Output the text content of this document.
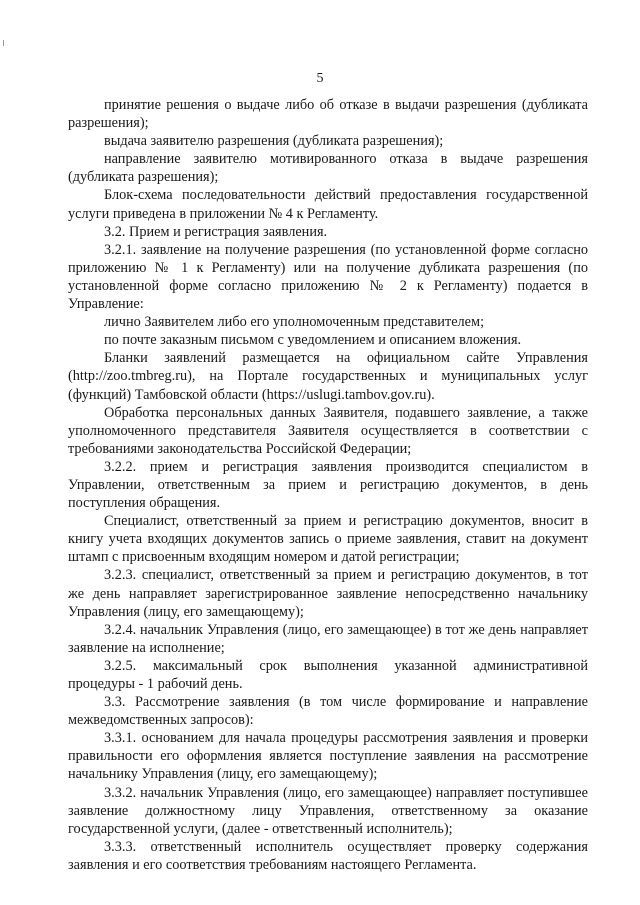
5

принятие решения о выдаче либо об отказе в выдачи разрешения (дубликата разрешения);

выдача заявителю разрешения (дубликата разрешения);

направление заявителю мотивированного отказа в выдаче разрешения (дубликата разрешения);

Блок-схема последовательности действий предоставления государственной услуги приведена в приложении № 4 к Регламенту.

3.2. Прием и регистрация заявления.

3.2.1. заявление на получение разрешения (по установленной форме согласно приложению № 1 к Регламенту) или на получение дубликата разрешения (по установленной форме согласно приложению № 2 к Регламенту) подается в Управление:

лично Заявителем либо его уполномоченным представителем;

по почте заказным письмом с уведомлением и описанием вложения.

Бланки заявлений размещается на официальном сайте Управления (http://zoo.tmbreg.ru), на Портале государственных и муниципальных услуг (функций) Тамбовской области (https://uslugi.tambov.gov.ru).

Обработка персональных данных Заявителя, подавшего заявление, а также уполномоченного представителя Заявителя осуществляется в соответствии с требованиями законодательства Российской Федерации;

3.2.2. прием и регистрация заявления производится специалистом в Управлении, ответственным за прием и регистрацию документов, в день поступления обращения.

Специалист, ответственный за прием и регистрацию документов, вносит в книгу учета входящих документов запись о приеме заявления, ставит на документ штамп с присвоенным входящим номером и датой регистрации;

3.2.3. специалист, ответственный за прием и регистрацию документов, в тот же день направляет зарегистрированное заявление непосредственно начальнику Управления (лицу, его замещающему);

3.2.4. начальник Управления (лицо, его замещающее) в тот же день направляет заявление на исполнение;

3.2.5. максимальный срок выполнения указанной административной процедуры - 1 рабочий день.

3.3. Рассмотрение заявления (в том числе формирование и направление межведомственных запросов):

3.3.1. основанием для начала процедуры рассмотрения заявления и проверки правильности его оформления является поступление заявления на рассмотрение начальнику Управления (лицу, его замещающему);

3.3.2. начальник Управления (лицо, его замещающее) направляет поступившее заявление должностному лицу Управления, ответственному за оказание государственной услуги, (далее - ответственный исполнитель);

3.3.3. ответственный исполнитель осуществляет проверку содержания заявления и его соответствия требованиям настоящего Регламента.
